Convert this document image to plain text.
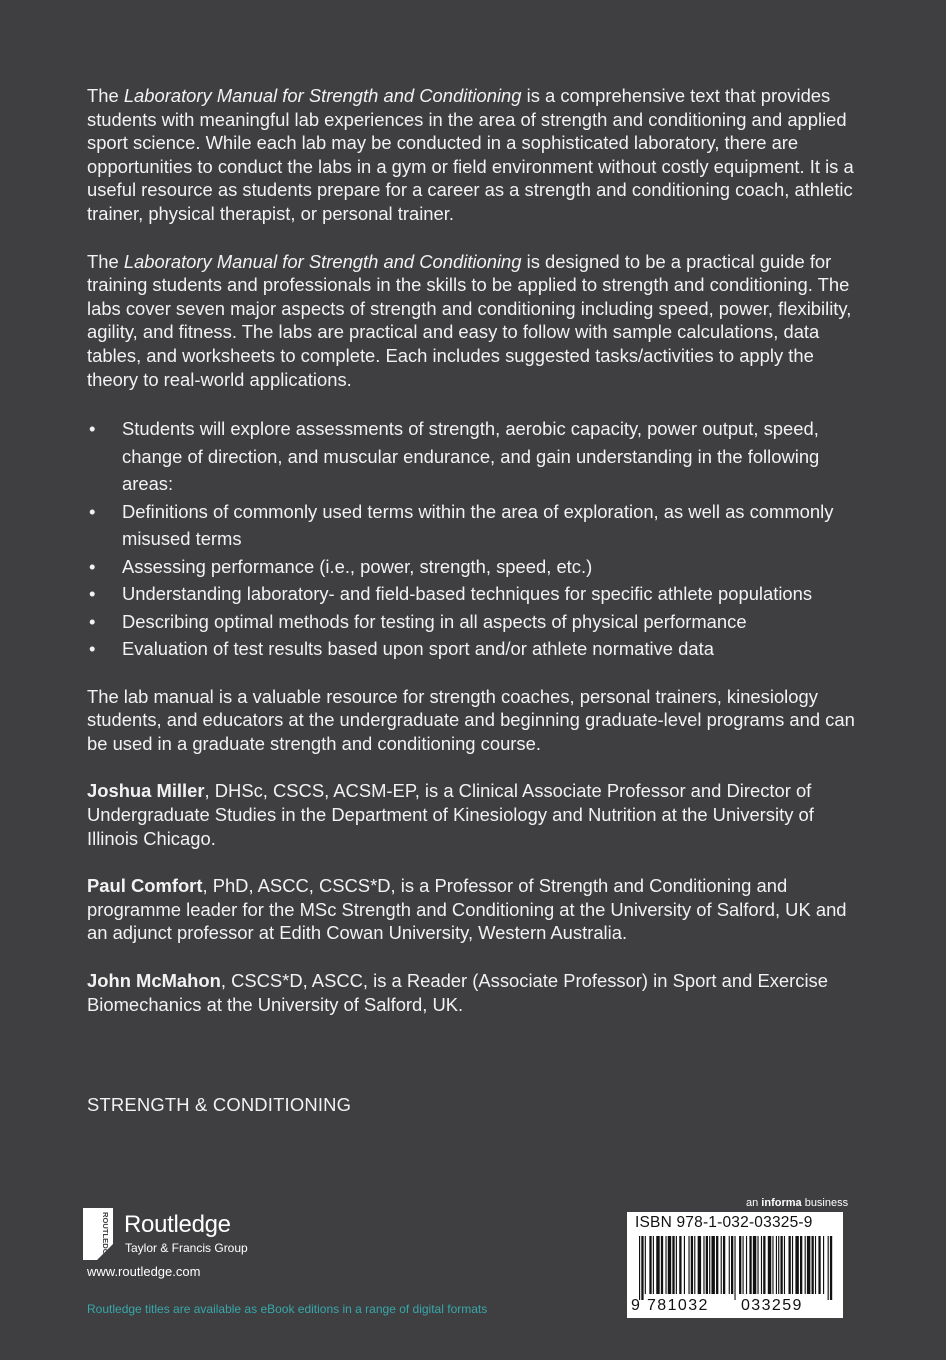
The Laboratory Manual for Strength and Conditioning is a comprehensive text that provides students with meaningful lab experiences in the area of strength and conditioning and applied sport science. While each lab may be conducted in a sophisticated laboratory, there are opportunities to conduct the labs in a gym or field environment without costly equipment. It is a useful resource as students prepare for a career as a strength and conditioning coach, athletic trainer, physical therapist, or personal trainer.

The Laboratory Manual for Strength and Conditioning is designed to be a practical guide for training students and professionals in the skills to be applied to strength and conditioning. The labs cover seven major aspects of strength and conditioning including speed, power, flexibility, agility, and fitness. The labs are practical and easy to follow with sample calculations, data tables, and worksheets to complete. Each includes suggested tasks/activities to apply the theory to real-world applications.

• Students will explore assessments of strength, aerobic capacity, power output, speed, change of direction, and muscular endurance, and gain understanding in the following areas:
• Definitions of commonly used terms within the area of exploration, as well as commonly misused terms
• Assessing performance (i.e., power, strength, speed, etc.)
• Understanding laboratory- and field-based techniques for specific athlete populations
• Describing optimal methods for testing in all aspects of physical performance
• Evaluation of test results based upon sport and/or athlete normative data

The lab manual is a valuable resource for strength coaches, personal trainers, kinesiology students, and educators at the undergraduate and beginning graduate-level programs and can be used in a graduate strength and conditioning course.

Joshua Miller, DHSc, CSCS, ACSM-EP, is a Clinical Associate Professor and Director of Undergraduate Studies in the Department of Kinesiology and Nutrition at the University of Illinois Chicago.

Paul Comfort, PhD, ASCC, CSCS*D, is a Professor of Strength and Conditioning and programme leader for the MSc Strength and Conditioning at the University of Salford, UK and an adjunct professor at Edith Cowan University, Western Australia.

John McMahon, CSCS*D, ASCC, is a Reader (Associate Professor) in Sport and Exercise Biomechanics at the University of Salford, UK.

STRENGTH & CONDITIONING
ROUTLEDGE Routledge
Taylor & Francis Group
www.routledge.com
Routledge titles are available as eBook editions in a range of digital formats
an informa business
ISBN 978-1-032-03325-9
9 781032 033259
